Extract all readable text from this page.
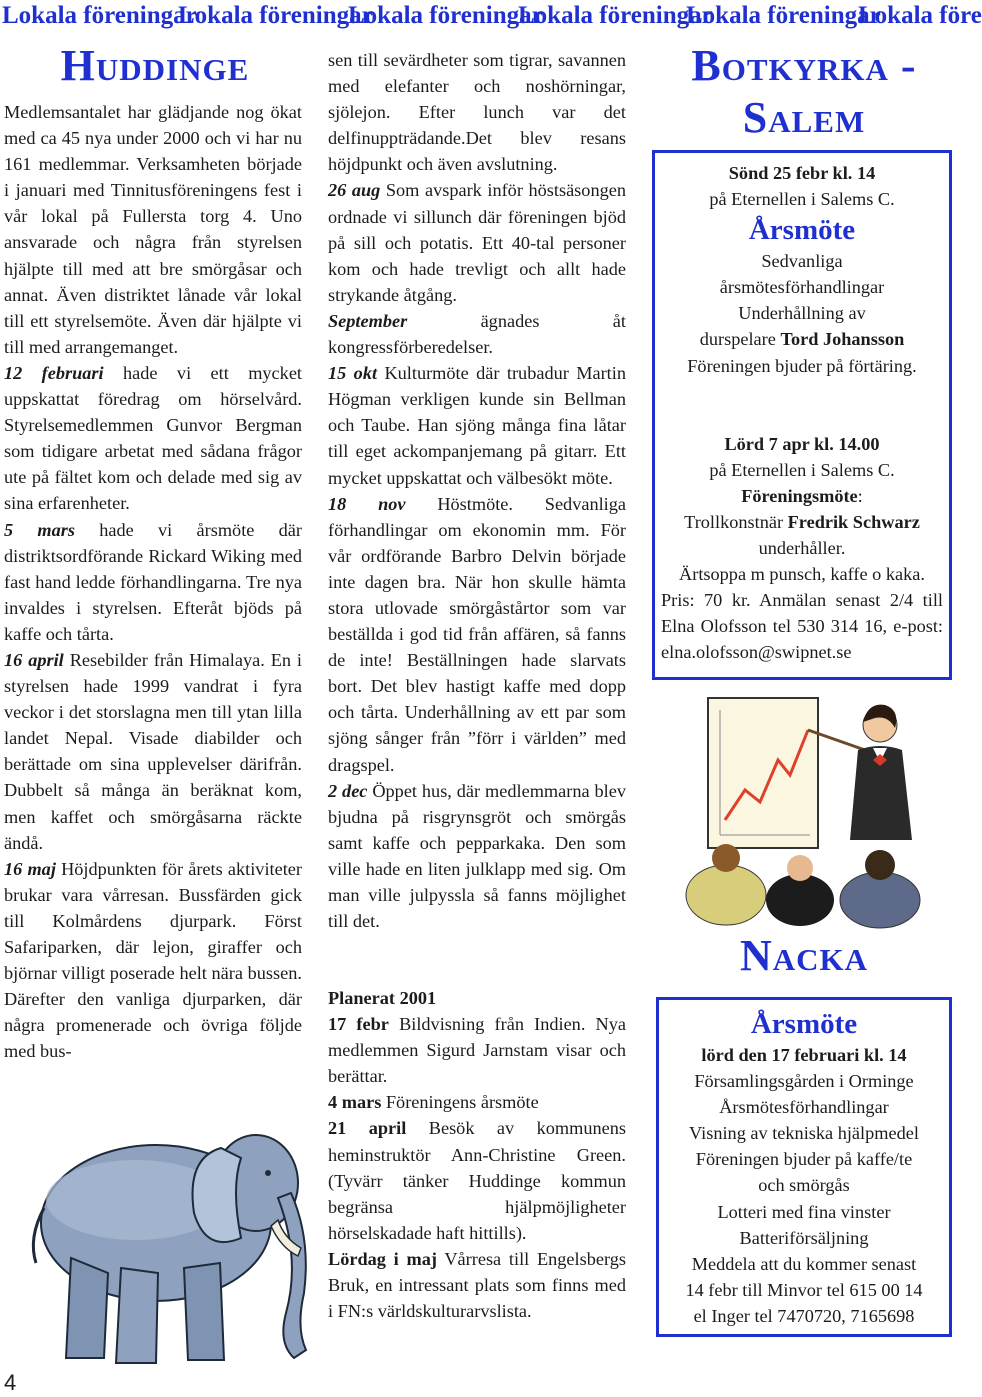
Lokala föreningar
Lokala föreningar
Lokala föreningar
Lokala föreningar
Lokala föreningar
Lokala före
Huddinge

Medlemsantalet har glädjande nog ökat med ca 45 nya under 2000 och vi har nu 161 medlemmar. Verksamheten började i januari med Tinnitusföreningens fest i vår lokal på Fullersta torg 4. Uno ansvarade och några från styrelsen hjälpte till med att bre smörgåsar och annat. Även distriktet lånade vår lokal till ett styrelsemöte. Även där hjälpte vi till med arrangemanget.

12 februari hade vi ett mycket uppskattat föredrag om hörselvård. Styrelsemedlemmen Gunvor Bergman som tidigare arbetat med sådana frågor ute på fältet kom och delade med sig av sina erfarenheter.

5 mars hade vi årsmöte där distriktsordförande Rickard Wiking med fast hand ledde förhandlingarna. Tre nya invaldes i styrelsen. Efteråt bjöds på kaffe och tårta.

16 april Resebilder från Himalaya. En i styrelsen hade 1999 vandrat i fyra veckor i det storslagna men till ytan lilla landet Nepal. Visade diabilder och berättade om sina upplevelser därifrån. Dubbelt så många än beräknat kom, men kaffet och smörgåsarna räckte ändå.

16 maj Höjdpunkten för årets aktiviteter brukar vara vårresan. Bussfärden gick till Kolmårdens djurpark. Först Safariparken, där lejon, giraffer och björnar villigt poserade helt nära bussen. Därefter den vanliga djurparken, där några promenerade och övriga följde med bus-

sen till sevärdheter som tigrar, savannen med elefanter och noshörningar, sjölejon. Efter lunch var det delfinuppträdande.Det blev resans höjdpunkt och även avslutning.

26 aug Som avspark inför höstsäsongen ordnade vi sillunch där föreningen bjöd på sill och potatis. Ett 40-tal personer kom och hade trevligt och allt hade strykande åtgång.

September ägnades åt kongressförberedelser.

15 okt Kulturmöte där trubadur Martin Högman verkligen kunde sin Bellman och Taube. Han sjöng många fina låtar till eget ackompanjemang på gitarr. Ett mycket uppskattat och välbesökt möte.

18 nov Höstmöte. Sedvanliga förhandlingar om ekonomin mm. För vår ordförande Barbro Delvin började inte dagen bra. När hon skulle hämta stora utlovade smörgåstårtor som var beställda i god tid från affären, så fanns de inte! Beställningen hade slarvats bort. Det blev hastigt kaffe med dopp och tårta. Underhållning av ett par som sjöng sånger från ”förr i världen” med dragspel.

2 dec Öppet hus, där medlemmarna blev bjudna på risgrynsgröt och smörgås samt kaffe och pepparkaka. Den som ville hade en liten julklapp med sig. Om man ville julpyssla så fanns möjlighet till det.

Planerat 2001

17 febr Bildvisning från Indien. Nya medlemmen Sigurd Jarnstam visar och berättar.

4 mars Föreningens årsmöte

21 april Besök av kommunens heminstruktör Ann-Christine Green. (Tyvärr tänker Huddinge kommun begränsa hjälpmöjligheter hörselskadade haft hittills).

Lördag i maj Vårresa till Engelsbergs Bruk, en intressant plats som finns med i FN:s världskulturarvslista.

Botkyrka -
Salem

Sönd 25 febr kl. 14

på Eternellen i Salems C.

Årsmöte

Sedvanliga

årsmötesförhandlingar

Underhållning av

durspelare Tord Johansson

Föreningen bjuder på förtäring.

Lörd 7 apr kl. 14.00

på Eternellen i Salems C.

Föreningsmöte:

Trollkonstnär Fredrik Schwarz

underhåller.

Ärtsoppa m punsch, kaffe o kaka.

Pris: 70 kr. Anmälan senast 2/4 till Elna Olofsson tel 530 314 16, e-post: elna.olofsson@swipnet.se

Nacka

Årsmöte

lörd den 17 februari kl. 14

Församlingsgården i Orminge

Årsmötesförhandlingar

Visning av tekniska hjälpmedel

Föreningen bjuder på kaffe/te

och smörgås

Lotteri med fina vinster

Batteriförsäljning

Meddela att du kommer senast

14 febr till Minvor tel 615 00 14

el Inger tel 7470720, 7165698

4
